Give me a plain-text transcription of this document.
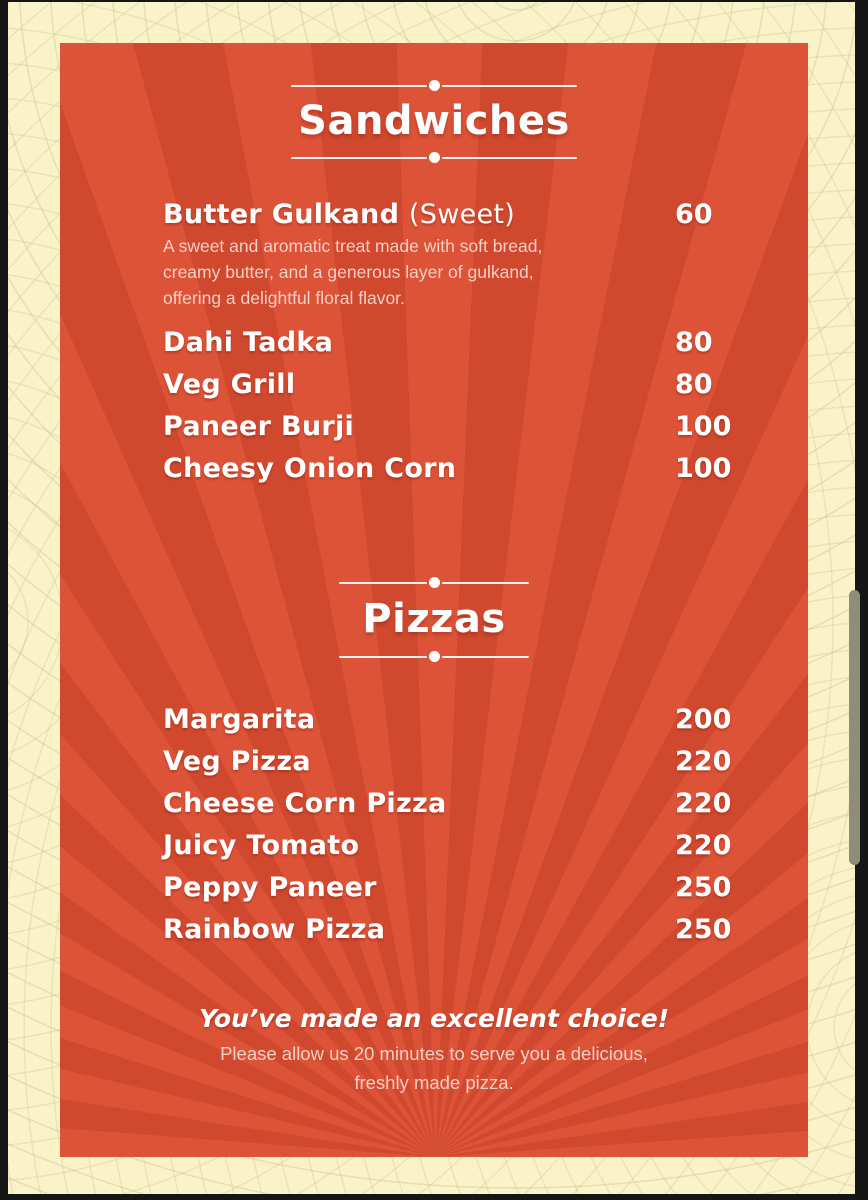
Sandwiches
Butter Gulkand (Sweet)	60
A sweet and aromatic treat made with soft bread,
creamy butter, and a generous layer of gulkand,
offering a delightful floral flavor.
Dahi Tadka	80
Veg Grill	80
Paneer Burji	100
Cheesy Onion Corn	100
Pizzas
Margarita	200
Veg Pizza	220
Cheese Corn Pizza	220
Juicy Tomato	220
Peppy Paneer	250
Rainbow Pizza	250
You’ve made an excellent choice!
Please allow us 20 minutes to serve you a delicious,
freshly made pizza.
